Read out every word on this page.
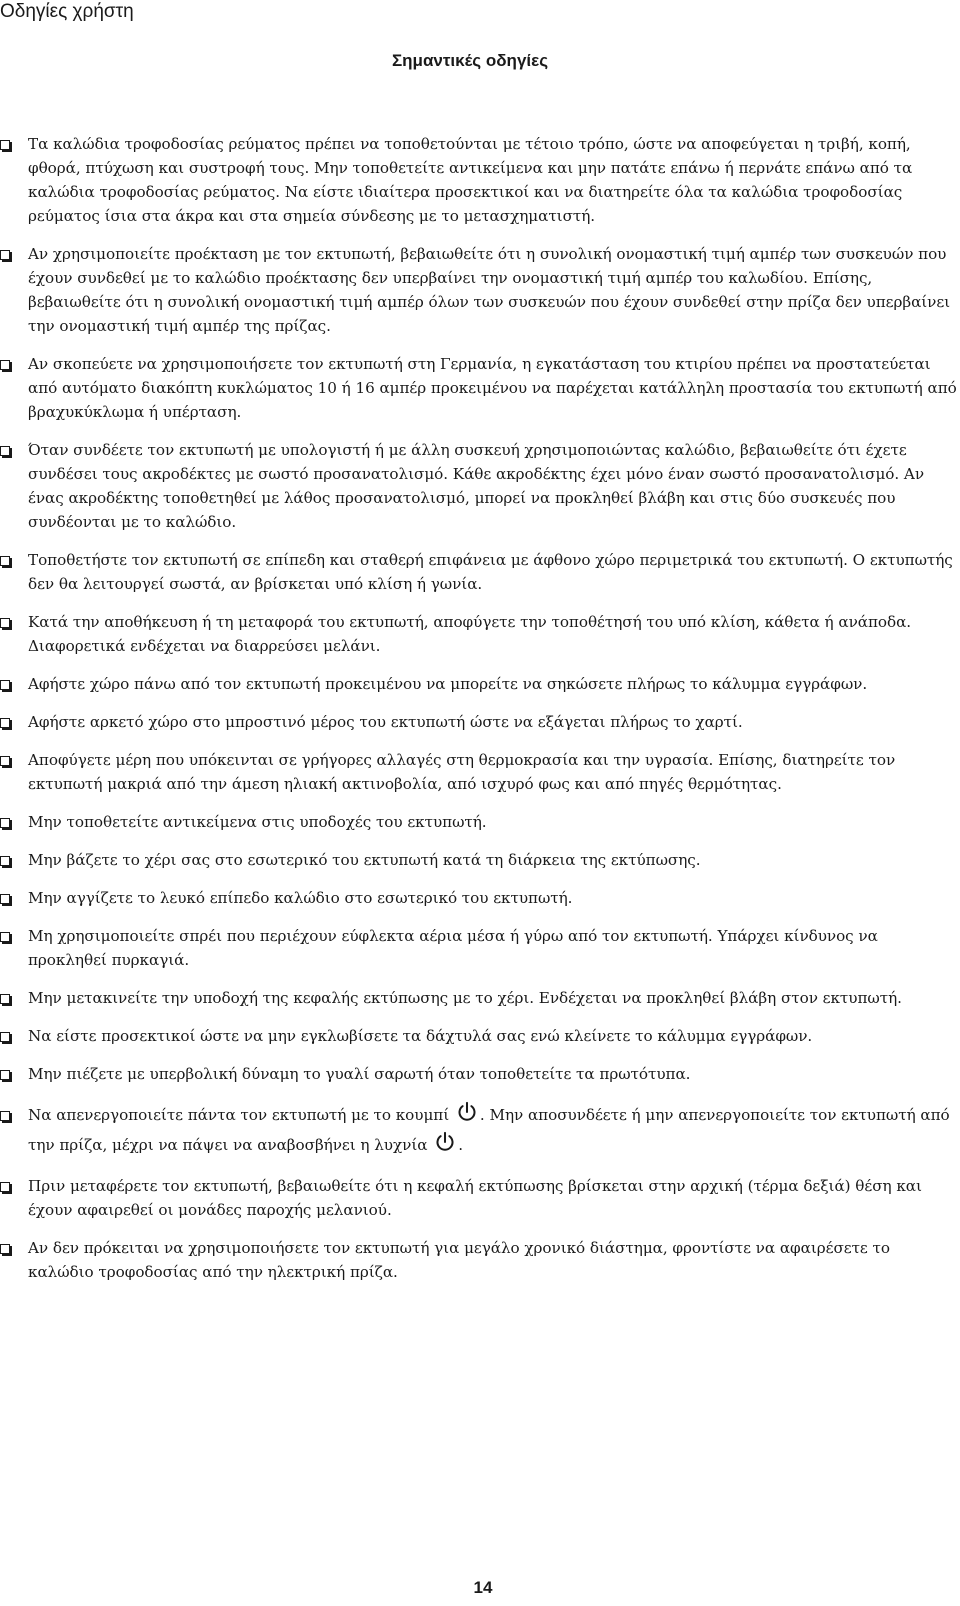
Οδηγίες χρήστη
Σημαντικές οδηγίες
Τα καλώδια τροφοδοσίας ρεύματος πρέπει να τοποθετούνται με τέτοιο τρόπο, ώστε να αποφεύγεται η τριβή, κοπή, φθορά, πτύχωση και συστροφή τους. Μην τοποθετείτε αντικείμενα και μην πατάτε επάνω ή περνάτε επάνω από τα καλώδια τροφοδοσίας ρεύματος. Να είστε ιδιαίτερα προσεκτικοί και να διατηρείτε όλα τα καλώδια τροφοδοσίας ρεύματος ίσια στα άκρα και στα σημεία σύνδεσης με το μετασχηματιστή.
Αν χρησιμοποιείτε προέκταση με τον εκτυπωτή, βεβαιωθείτε ότι η συνολική ονομαστική τιμή αμπέρ των συσκευών που έχουν συνδεθεί με το καλώδιο προέκτασης δεν υπερβαίνει την ονομαστική τιμή αμπέρ του καλωδίου. Επίσης, βεβαιωθείτε ότι η συνολική ονομαστική τιμή αμπέρ όλων των συσκευών που έχουν συνδεθεί στην πρίζα δεν υπερβαίνει την ονομαστική τιμή αμπέρ της πρίζας.
Αν σκοπεύετε να χρησιμοποιήσετε τον εκτυπωτή στη Γερμανία, η εγκατάσταση του κτιρίου πρέπει να προστατεύεται από αυτόματο διακόπτη κυκλώματος 10 ή 16 αμπέρ προκειμένου να παρέχεται κατάλληλη προστασία του εκτυπωτή από βραχυκύκλωμα ή υπέρταση.
Όταν συνδέετε τον εκτυπωτή με υπολογιστή ή με άλλη συσκευή χρησιμοποιώντας καλώδιο, βεβαιωθείτε ότι έχετε συνδέσει τους ακροδέκτες με σωστό προσανατολισμό. Κάθε ακροδέκτης έχει μόνο έναν σωστό προσανατολισμό. Αν ένας ακροδέκτης τοποθετηθεί με λάθος προσανατολισμό, μπορεί να προκληθεί βλάβη και στις δύο συσκευές που συνδέονται με το καλώδιο.
Τοποθετήστε τον εκτυπωτή σε επίπεδη και σταθερή επιφάνεια με άφθονο χώρο περιμετρικά του εκτυπωτή. Ο εκτυπωτής δεν θα λειτουργεί σωστά, αν βρίσκεται υπό κλίση ή γωνία.
Κατά την αποθήκευση ή τη μεταφορά του εκτυπωτή, αποφύγετε την τοποθέτησή του υπό κλίση, κάθετα ή ανάποδα. Διαφορετικά ενδέχεται να διαρρεύσει μελάνι.
Αφήστε χώρο πάνω από τον εκτυπωτή προκειμένου να μπορείτε να σηκώσετε πλήρως το κάλυμμα εγγράφων.
Αφήστε αρκετό χώρο στο μπροστινό μέρος του εκτυπωτή ώστε να εξάγεται πλήρως το χαρτί.
Αποφύγετε μέρη που υπόκεινται σε γρήγορες αλλαγές στη θερμοκρασία και την υγρασία. Επίσης, διατηρείτε τον εκτυπωτή μακριά από την άμεση ηλιακή ακτινοβολία, από ισχυρό φως και από πηγές θερμότητας.
Μην τοποθετείτε αντικείμενα στις υποδοχές του εκτυπωτή.
Μην βάζετε το χέρι σας στο εσωτερικό του εκτυπωτή κατά τη διάρκεια της εκτύπωσης.
Μην αγγίζετε το λευκό επίπεδο καλώδιο στο εσωτερικό του εκτυπωτή.
Μη χρησιμοποιείτε σπρέι που περιέχουν εύφλεκτα αέρια μέσα ή γύρω από τον εκτυπωτή. Υπάρχει κίνδυνος να προκληθεί πυρκαγιά.
Μην μετακινείτε την υποδοχή της κεφαλής εκτύπωσης με το χέρι. Ενδέχεται να προκληθεί βλάβη στον εκτυπωτή.
Να είστε προσεκτικοί ώστε να μην εγκλωβίσετε τα δάχτυλά σας ενώ κλείνετε το κάλυμμα εγγράφων.
Μην πιέζετε με υπερβολική δύναμη το γυαλί σαρωτή όταν τοποθετείτε τα πρωτότυπα.
Να απενεργοποιείτε πάντα τον εκτυπωτή με το κουμπί . Μην αποσυνδέετε ή μην απενεργοποιείτε τον εκτυπωτή από την πρίζα, μέχρι να πάψει να αναβοσβήνει η λυχνία .
Πριν μεταφέρετε τον εκτυπωτή, βεβαιωθείτε ότι η κεφαλή εκτύπωσης βρίσκεται στην αρχική (τέρμα δεξιά) θέση και έχουν αφαιρεθεί οι μονάδες παροχής μελανιού.
Αν δεν πρόκειται να χρησιμοποιήσετε τον εκτυπωτή για μεγάλο χρονικό διάστημα, φροντίστε να αφαιρέσετε το καλώδιο τροφοδοσίας από την ηλεκτρική πρίζα.
14
